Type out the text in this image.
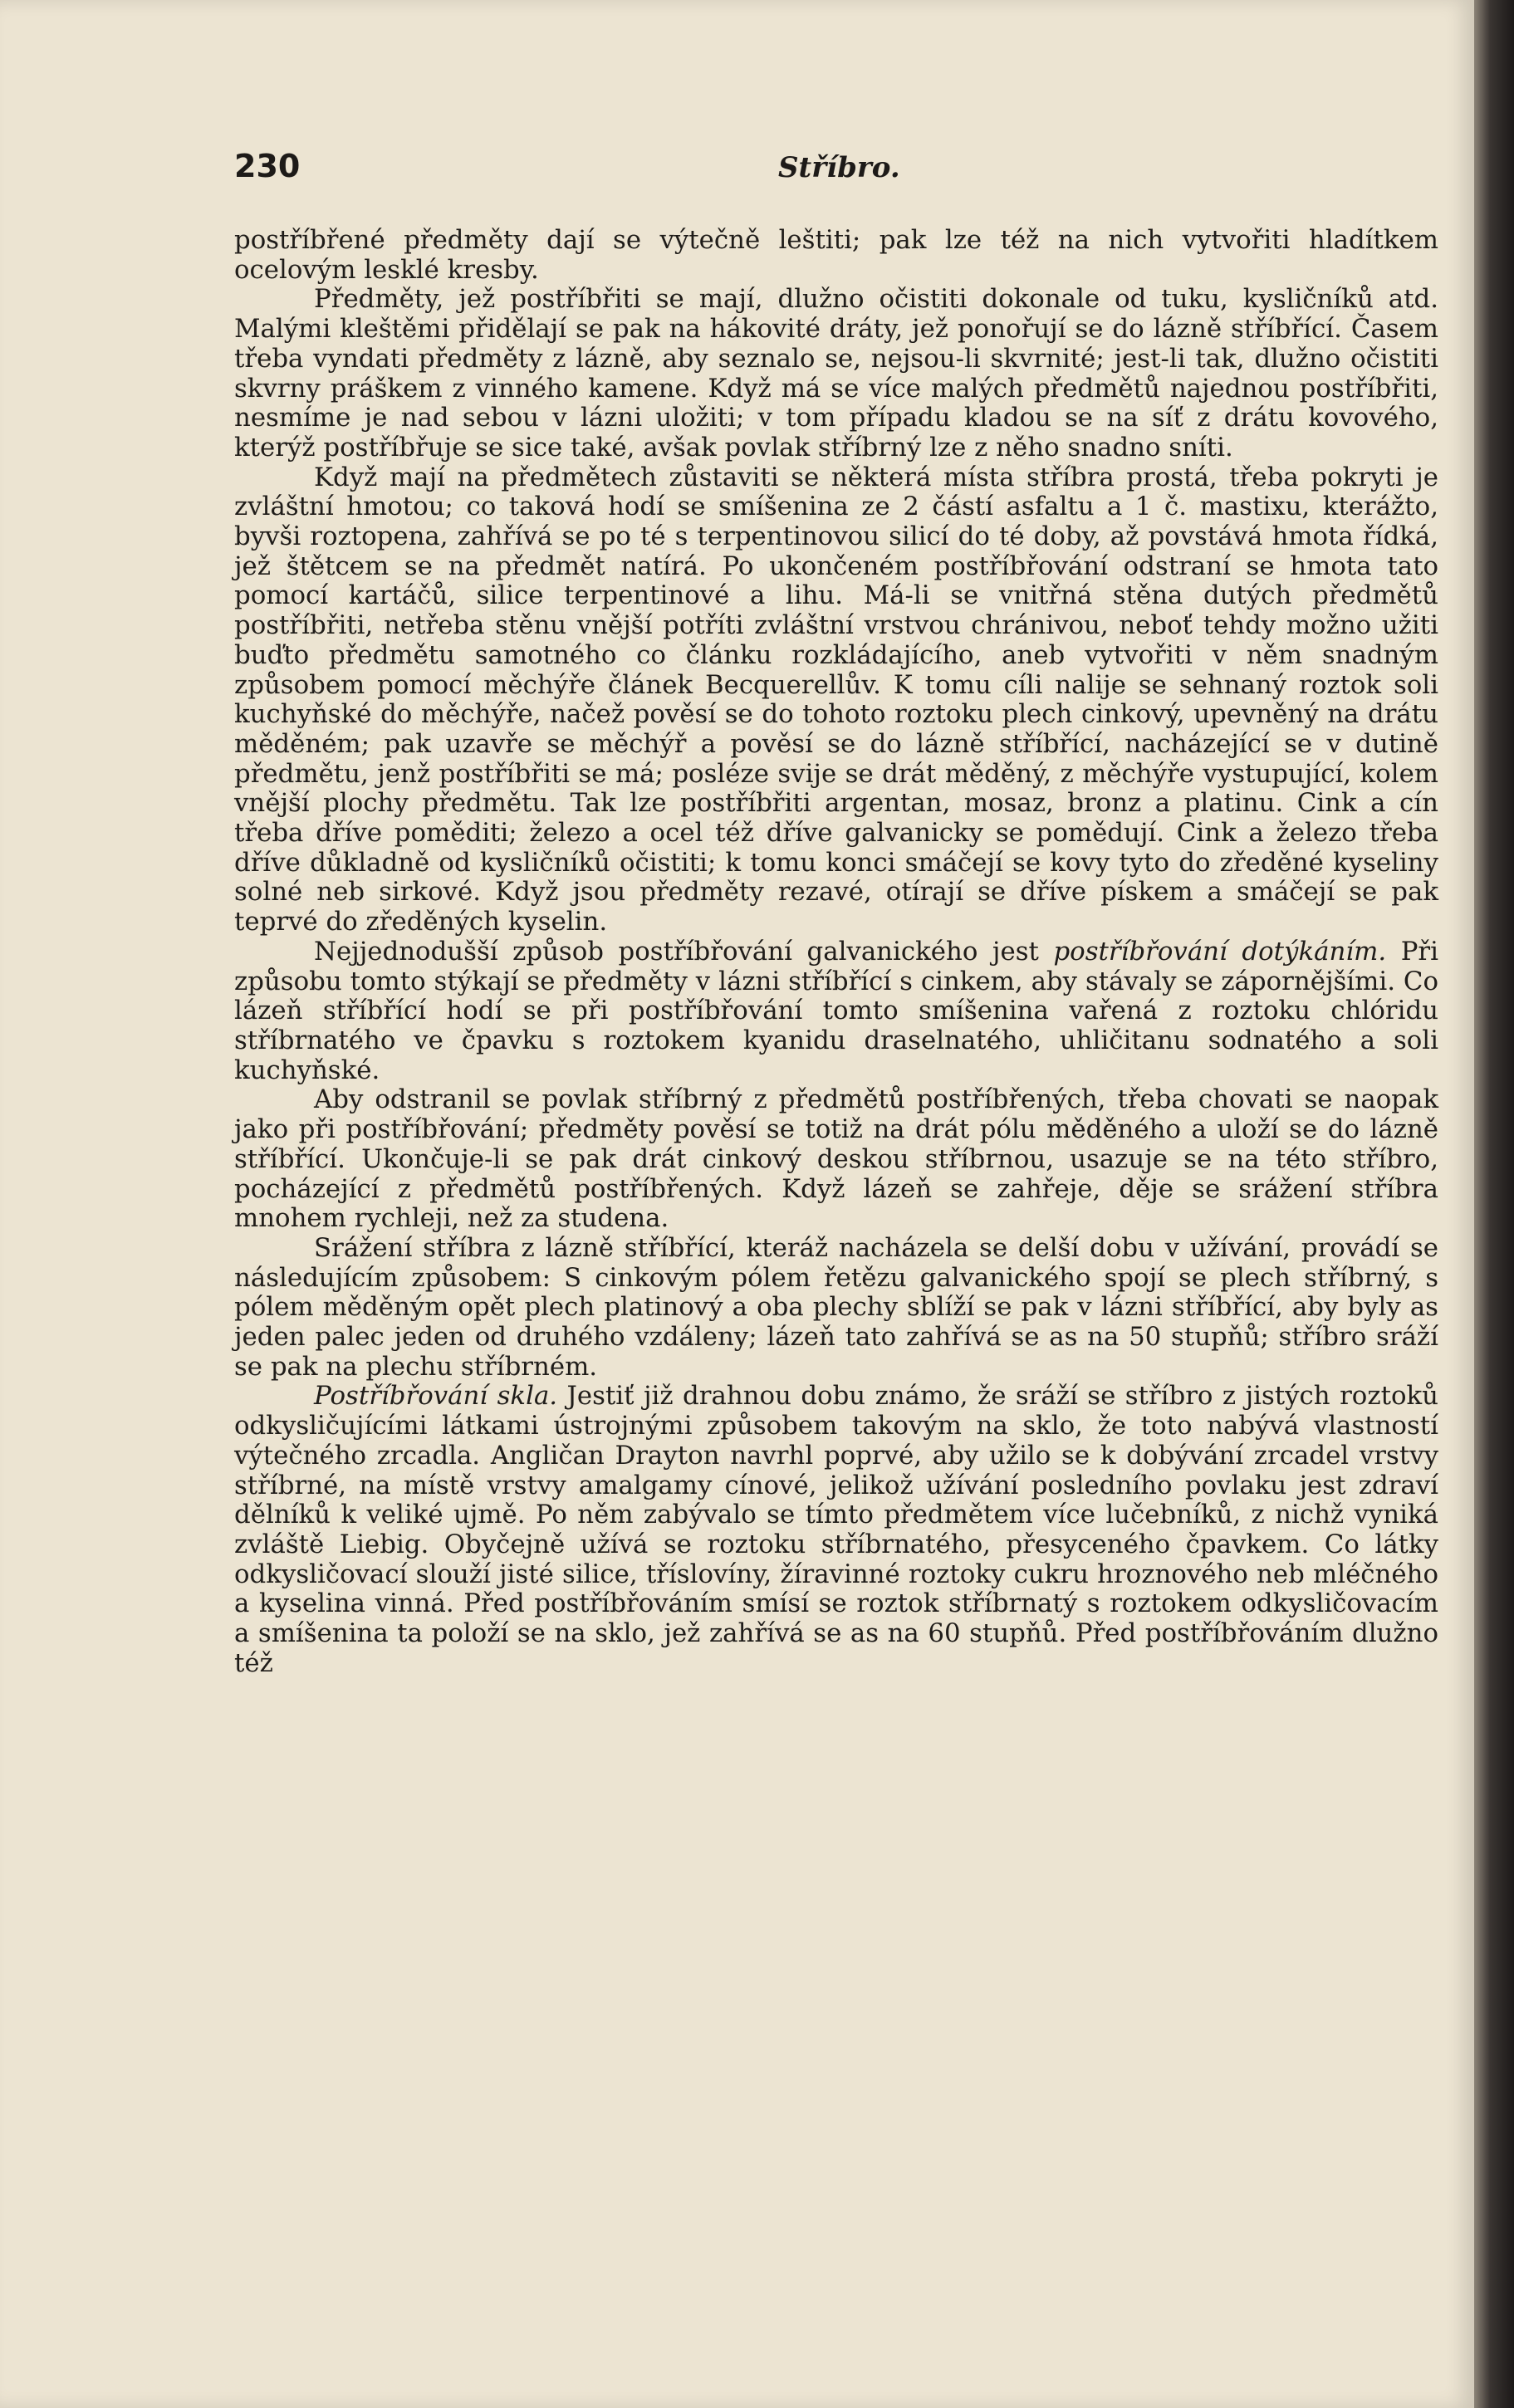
230	Stříbro.

postříbřené předměty dají se výtečně leštiti; pak lze též na nich vytvořiti hladítkem ocelovým lesklé kresby.

Předměty, jež postříbřiti se mají, dlužno očistiti dokonale od tuku, kysličníků atd. Malými kleštěmi přidělají se pak na hákovité dráty, jež ponořují se do lázně stříbřící. Časem třeba vyndati předměty z lázně, aby seznalo se, nejsou-li skvrnité; jest-li tak, dlužno očistiti skvrny práškem z vinného kamene. Když má se více malých předmětů najednou postříbřiti, nesmíme je nad sebou v lázni uložiti; v tom případu kladou se na síť z drátu kovového, kterýž postříbřuje se sice také, avšak povlak stříbrný lze z něho snadno sníti.

Když mají na předmětech zůstaviti se některá místa stříbra prostá, třeba pokryti je zvláštní hmotou; co taková hodí se smíšenina ze 2 částí asfaltu a 1 č. mastixu, kterážto, byvši roztopena, zahřívá se po té s terpentinovou silicí do té doby, až povstává hmota řídká, jež štětcem se na předmět natírá. Po ukončeném postříbřování odstraní se hmota tato pomocí kartáčů, silice terpentinové a lihu. Má-li se vnitřná stěna dutých předmětů postříbřiti, netřeba stěnu vnější potříti zvláštní vrstvou chránivou, neboť tehdy možno užiti buďto předmětu samotného co článku rozkládajícího, aneb vytvořiti v něm snadným způsobem pomocí měchýře článek Becquerellův. K tomu cíli nalije se sehnaný roztok soli kuchyňské do měchýře, načež pověsí se do tohoto roztoku plech cinkový, upevněný na drátu měděném; pak uzavře se měchýř a pověsí se do lázně stříbřící, nacházející se v dutině předmětu, jenž postříbřiti se má; posléze svije se drát měděný, z měchýře vystupující, kolem vnější plochy předmětu. Tak lze postříbřiti argentan, mosaz, bronz a platinu. Cink a cín třeba dříve poměditi; železo a ocel též dříve galvanicky se pomědují. Cink a železo třeba dříve důkladně od kysličníků očistiti; k tomu konci smáčejí se kovy tyto do zředěné kyseliny solné neb sirkové. Když jsou předměty rezavé, otírají se dříve pískem a smáčejí se pak teprvé do zředěných kyselin.

Nejjednodušší způsob postříbřování galvanického jest postříbřování dotýkáním. Při způsobu tomto stýkají se předměty v lázni stříbřící s cinkem, aby stávaly se zápornějšími. Co lázeň stříbřící hodí se při postříbřování tomto smíšenina vařená z roztoku chlóridu stříbrnatého ve čpavku s roztokem kyanidu draselnatého, uhličitanu sodnatého a soli kuchyňské.

Aby odstranil se povlak stříbrný z předmětů postříbřených, třeba chovati se naopak jako při postříbřování; předměty pověsí se totiž na drát pólu měděného a uloží se do lázně stříbřící. Ukončuje-li se pak drát cinkový deskou stříbrnou, usazuje se na této stříbro, pocházející z předmětů postříbřených. Když lázeň se zahřeje, děje se srážení stříbra mnohem rychleji, než za studena.

Srážení stříbra z lázně stříbřící, kteráž nacházela se delší dobu v užívání, provádí se následujícím způsobem: S cinkovým pólem řetězu galvanického spojí se plech stříbrný, s pólem měděným opět plech platinový a oba plechy sblíží se pak v lázni stříbřící, aby byly as jeden palec jeden od druhého vzdáleny; lázeň tato zahřívá se as na 50 stupňů; stříbro sráží se pak na plechu stříbrném.

Postříbřování skla. Jestiť již drahnou dobu známo, že sráží se stříbro z jistých roztoků odkysličujícími látkami ústrojnými způsobem takovým na sklo, že toto nabývá vlastností výtečného zrcadla. Angličan Drayton navrhl poprvé, aby užilo se k dobývání zrcadel vrstvy stříbrné, na místě vrstvy amalgamy cínové, jelikož užívání posledního povlaku jest zdraví dělníků k veliké ujmě. Po něm zabývalo se tímto předmětem více lučebníků, z nichž vyniká zvláště Liebig. Obyčejně užívá se roztoku stříbrnatého, přesyceného čpavkem. Co látky odkysličovací slouží jisté silice, tříslovíny, žíravinné roztoky cukru hroznového neb mléčného a kyselina vinná. Před postříbřováním smísí se roztok stříbrnatý s roztokem odkysličovacím a smíšenina ta položí se na sklo, jež zahřívá se as na 60 stupňů. Před postříbřováním dlužno též
